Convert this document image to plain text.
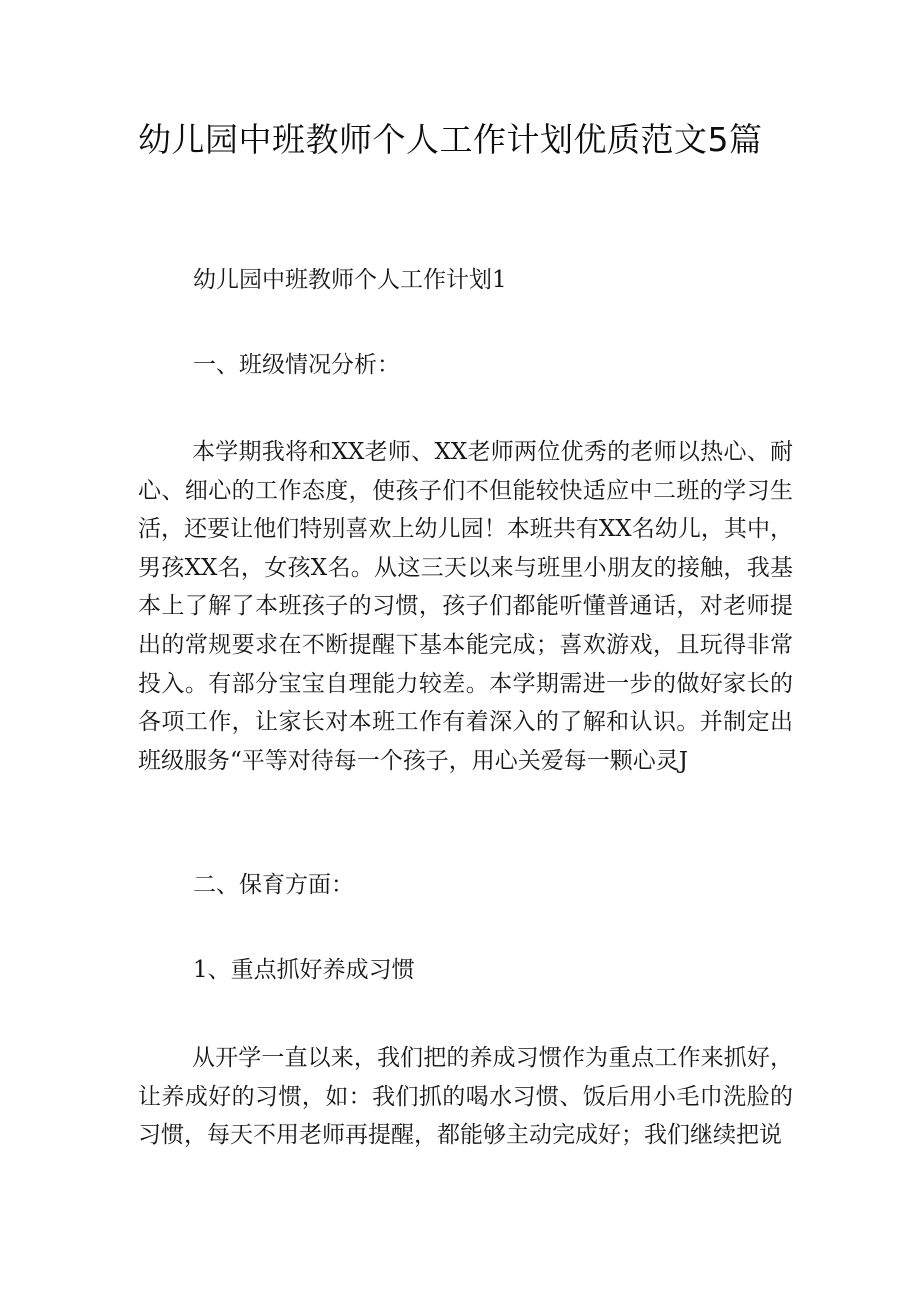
幼儿园中班教师个人工作计划优质范文5篇
幼儿园中班教师个人工作计划1
一、班级情况分析：
本学期我将和XX老师、XX老师两位优秀的老师以热心、耐心、细心的工作态度，使孩子们不但能较快适应中二班的学习生活，还要让他们特别喜欢上幼儿园！本班共有XX名幼儿，其中，男孩XX名，女孩X名。从这三天以来与班里小朋友的接触，我基本上了解了本班孩子的习惯，孩子们都能听懂普通话，对老师提出的常规要求在不断提醒下基本能完成；喜欢游戏，且玩得非常投入。有部分宝宝自理能力较差。本学期需进一步的做好家长的各项工作，让家长对本班工作有着深入的了解和认识。并制定出班级服务“平等对待每一个孩子，用心关爱每一颗心灵J
二、保育方面：
1、重点抓好养成习惯
从开学一直以来，我们把的养成习惯作为重点工作来抓好，让养成好的习惯，如：我们抓的喝水习惯、饭后用小毛巾洗脸的习惯，每天不用老师再提醒，都能够主动完成好；我们继续把说
